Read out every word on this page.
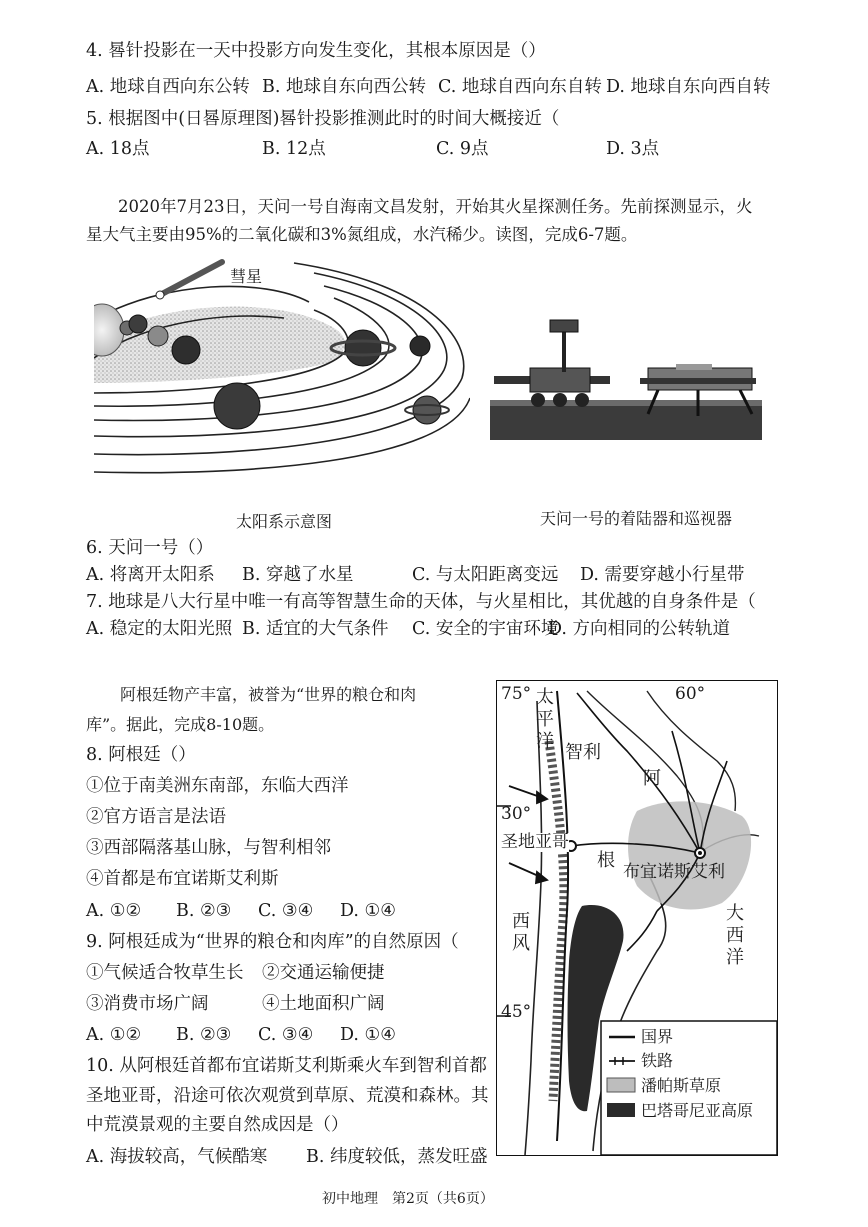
4. 晷针投影在一天中投影方向发生变化，其根本原因是（）
A. 地球自西向东公转 B. 地球自东向西公转 C. 地球自西向东自转 D. 地球自东向西自转
5. 根据图中(日晷原理图)晷针投影推测此时的时间大概接近（
A. 18点	B. 12点	C. 9点	D. 3点
2020年7月23日，天问一号自海南文昌发射，开始其火星探测任务。先前探测显示，火
星大气主要由95%的二氧化碳和3%氮组成，水汽稀少。读图，完成6-7题。
彗星
太阳系示意图	天问一号的着陆器和巡视器
6. 天问一号（）
A. 将离开太阳系 B. 穿越了水星	C. 与太阳距离变远 D. 需要穿越小行星带
7. 地球是八大行星中唯一有高等智慧生命的天体，与火星相比，其优越的自身条件是（
A. 稳定的太阳光照 B. 适宜的大气条件 C. 安全的宇宙环境
D. 方向相同的公转轨道
阿根廷物产丰富，被誉为“世界的粮仓和肉
库”。据此，完成8-10题。
8. 阿根廷（）
①位于南美洲东南部，东临大西洋
②官方语言是法语
③西部隔落基山脉，与智利相邻
④首都是布宜诺斯艾利斯
A. ①② B. ②③ C. ③④ D. ①④
9. 阿根廷成为“世界的粮仓和肉库”的自然原因（
①气候适合牧草生长 ②交通运输便捷
③消费市场广阔	④土地面积广阔
A. ①② B. ②③ C. ③④ D. ①④
10. 从阿根廷首都布宜诺斯艾利斯乘火车到智利首都
圣地亚哥，沿途可依次观赏到草原、荒漠和森林。其
中荒漠景观的主要自然成因是（）
A. 海拔较高，气候酷寒 B. 纬度较低，蒸发旺盛
75°	60°
30°
45°
太平洋
智利
阿
根
圣地亚哥
布宜诺斯艾利
西风
大西洋
国界
铁路
潘帕斯草原
巴塔哥尼亚高原
初中地理　第2页（共6页）
